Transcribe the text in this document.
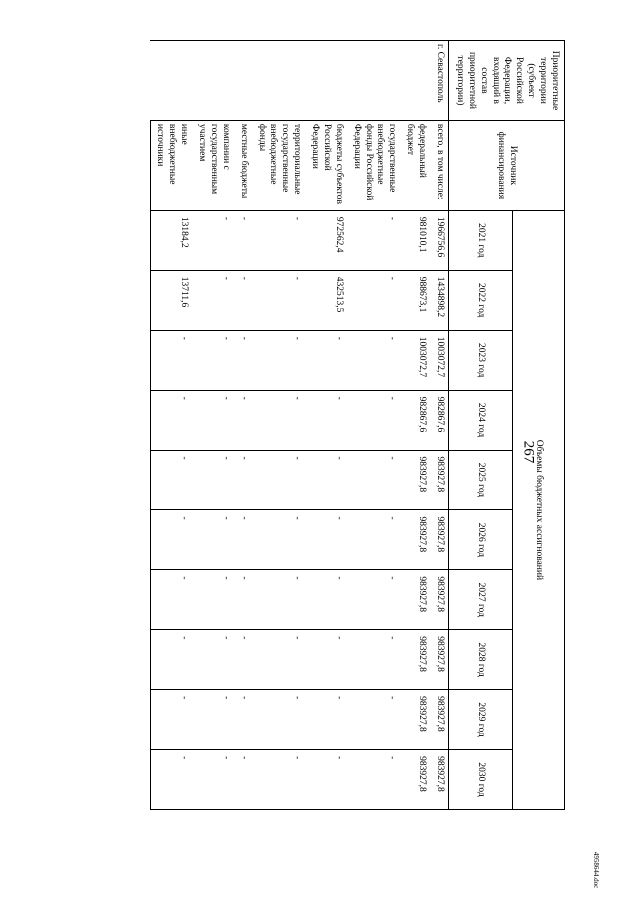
267
4958644.doc
Приоритетные территории (субъект Российской Федерации, входящий в состав приоритетной территории)	Источник финансирования	Объемы бюджетных ассигнований									
		2021 год	2022 год	2023 год	2024 год	2025 год	2026 год	2027 год	2028 год	2029 год	2030 год
г. Севастополь	всего, в том числе:	1966756,6	1434898,2	1003072,7	982867,6	983927,8	983927,8	983927,8	983927,8	983927,8	983927,8
	федеральный бюджет	981010,1	988673,1	1003072,7	982867,6	983927,8	983927,8	983927,8	983927,8	983927,8	983927,8
	государственные внебюджетные фонды Российской Федерации	-	-	-	-	-	-	-	-	-	-
	бюджеты субъектов Российской Федерации	972562,4	432513,5	-	-	-	-	-	-	-	-
	территориальные государственные внебюджетные фонды	-	-	-	-	-	-	-	-	-	-
	местные бюджеты	-	-	-	-	-	-	-	-	-	-
	компании с государственным участием	-	-	-	-	-	-	-	-	-	-
	иные внебюджетные источники	13184,2	13711,6	-	-	-	-	-	-	-	-
